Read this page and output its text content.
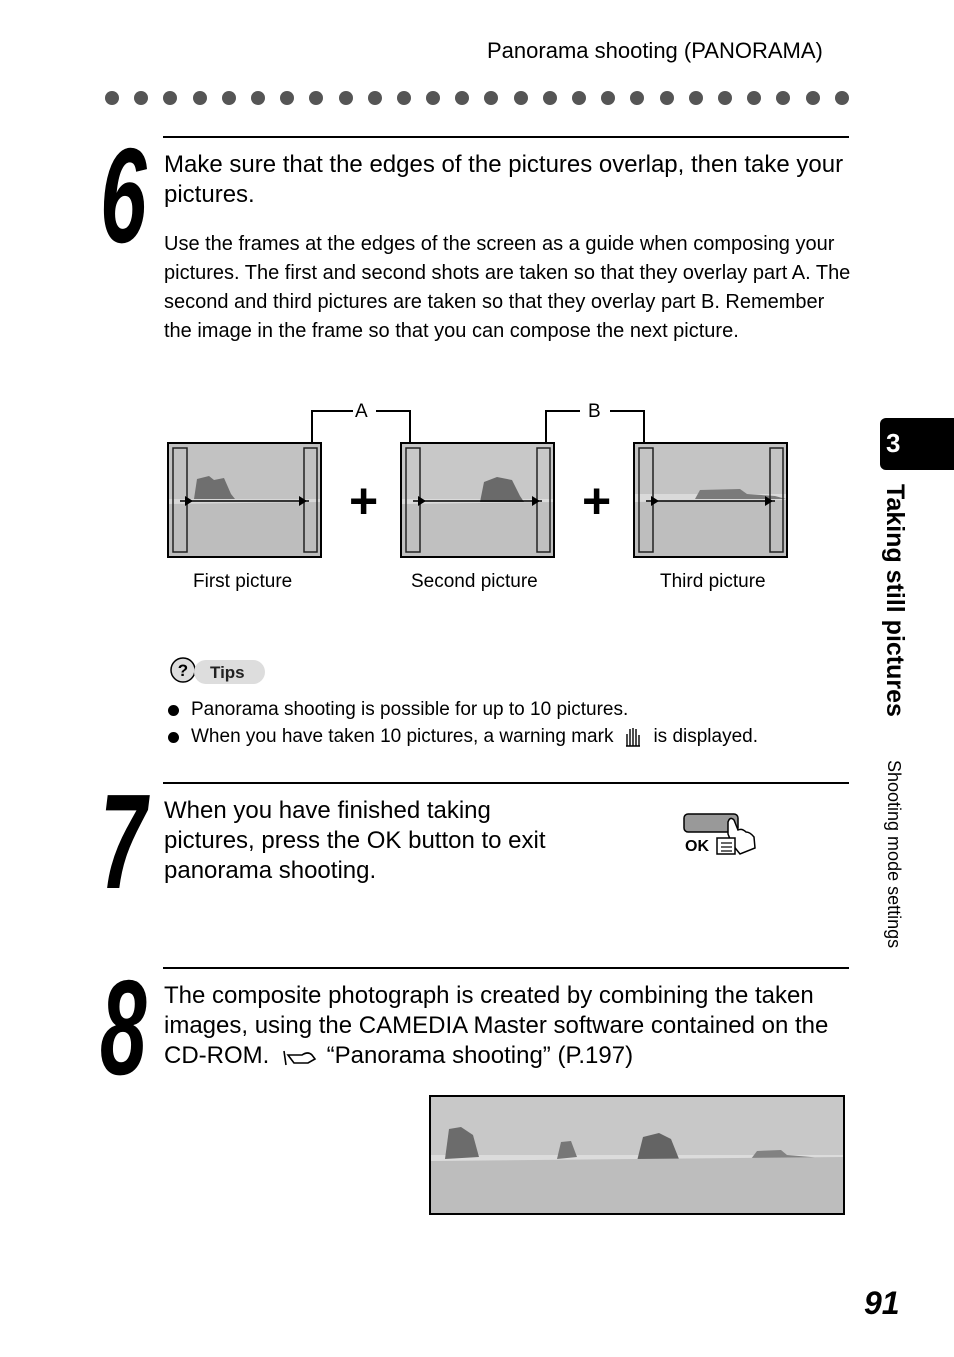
Panorama shooting (PANORAMA)
6 Make sure that the edges of the pictures overlap, then take your pictures.
Use the frames at the edges of the screen as a guide when composing your pictures. The first and second shots are taken so that they overlay part A. The second and third pictures are taken so that they overlay part B. Remember the image in the frame so that you can compose the next picture.
A	B
+	+
First picture	Second picture	Third picture
? Tips
Panorama shooting is possible for up to 10 pictures.
When you have taken 10 pictures, a warning mark is displayed.
7 When you have finished taking pictures, press the OK button to exit panorama shooting.
OK
8 The composite photograph is created by combining the taken images, using the CAMEDIA Master software contained on the CD-ROM. “Panorama shooting” (P.197)
3
Taking still pictures
Shooting mode settings
91
